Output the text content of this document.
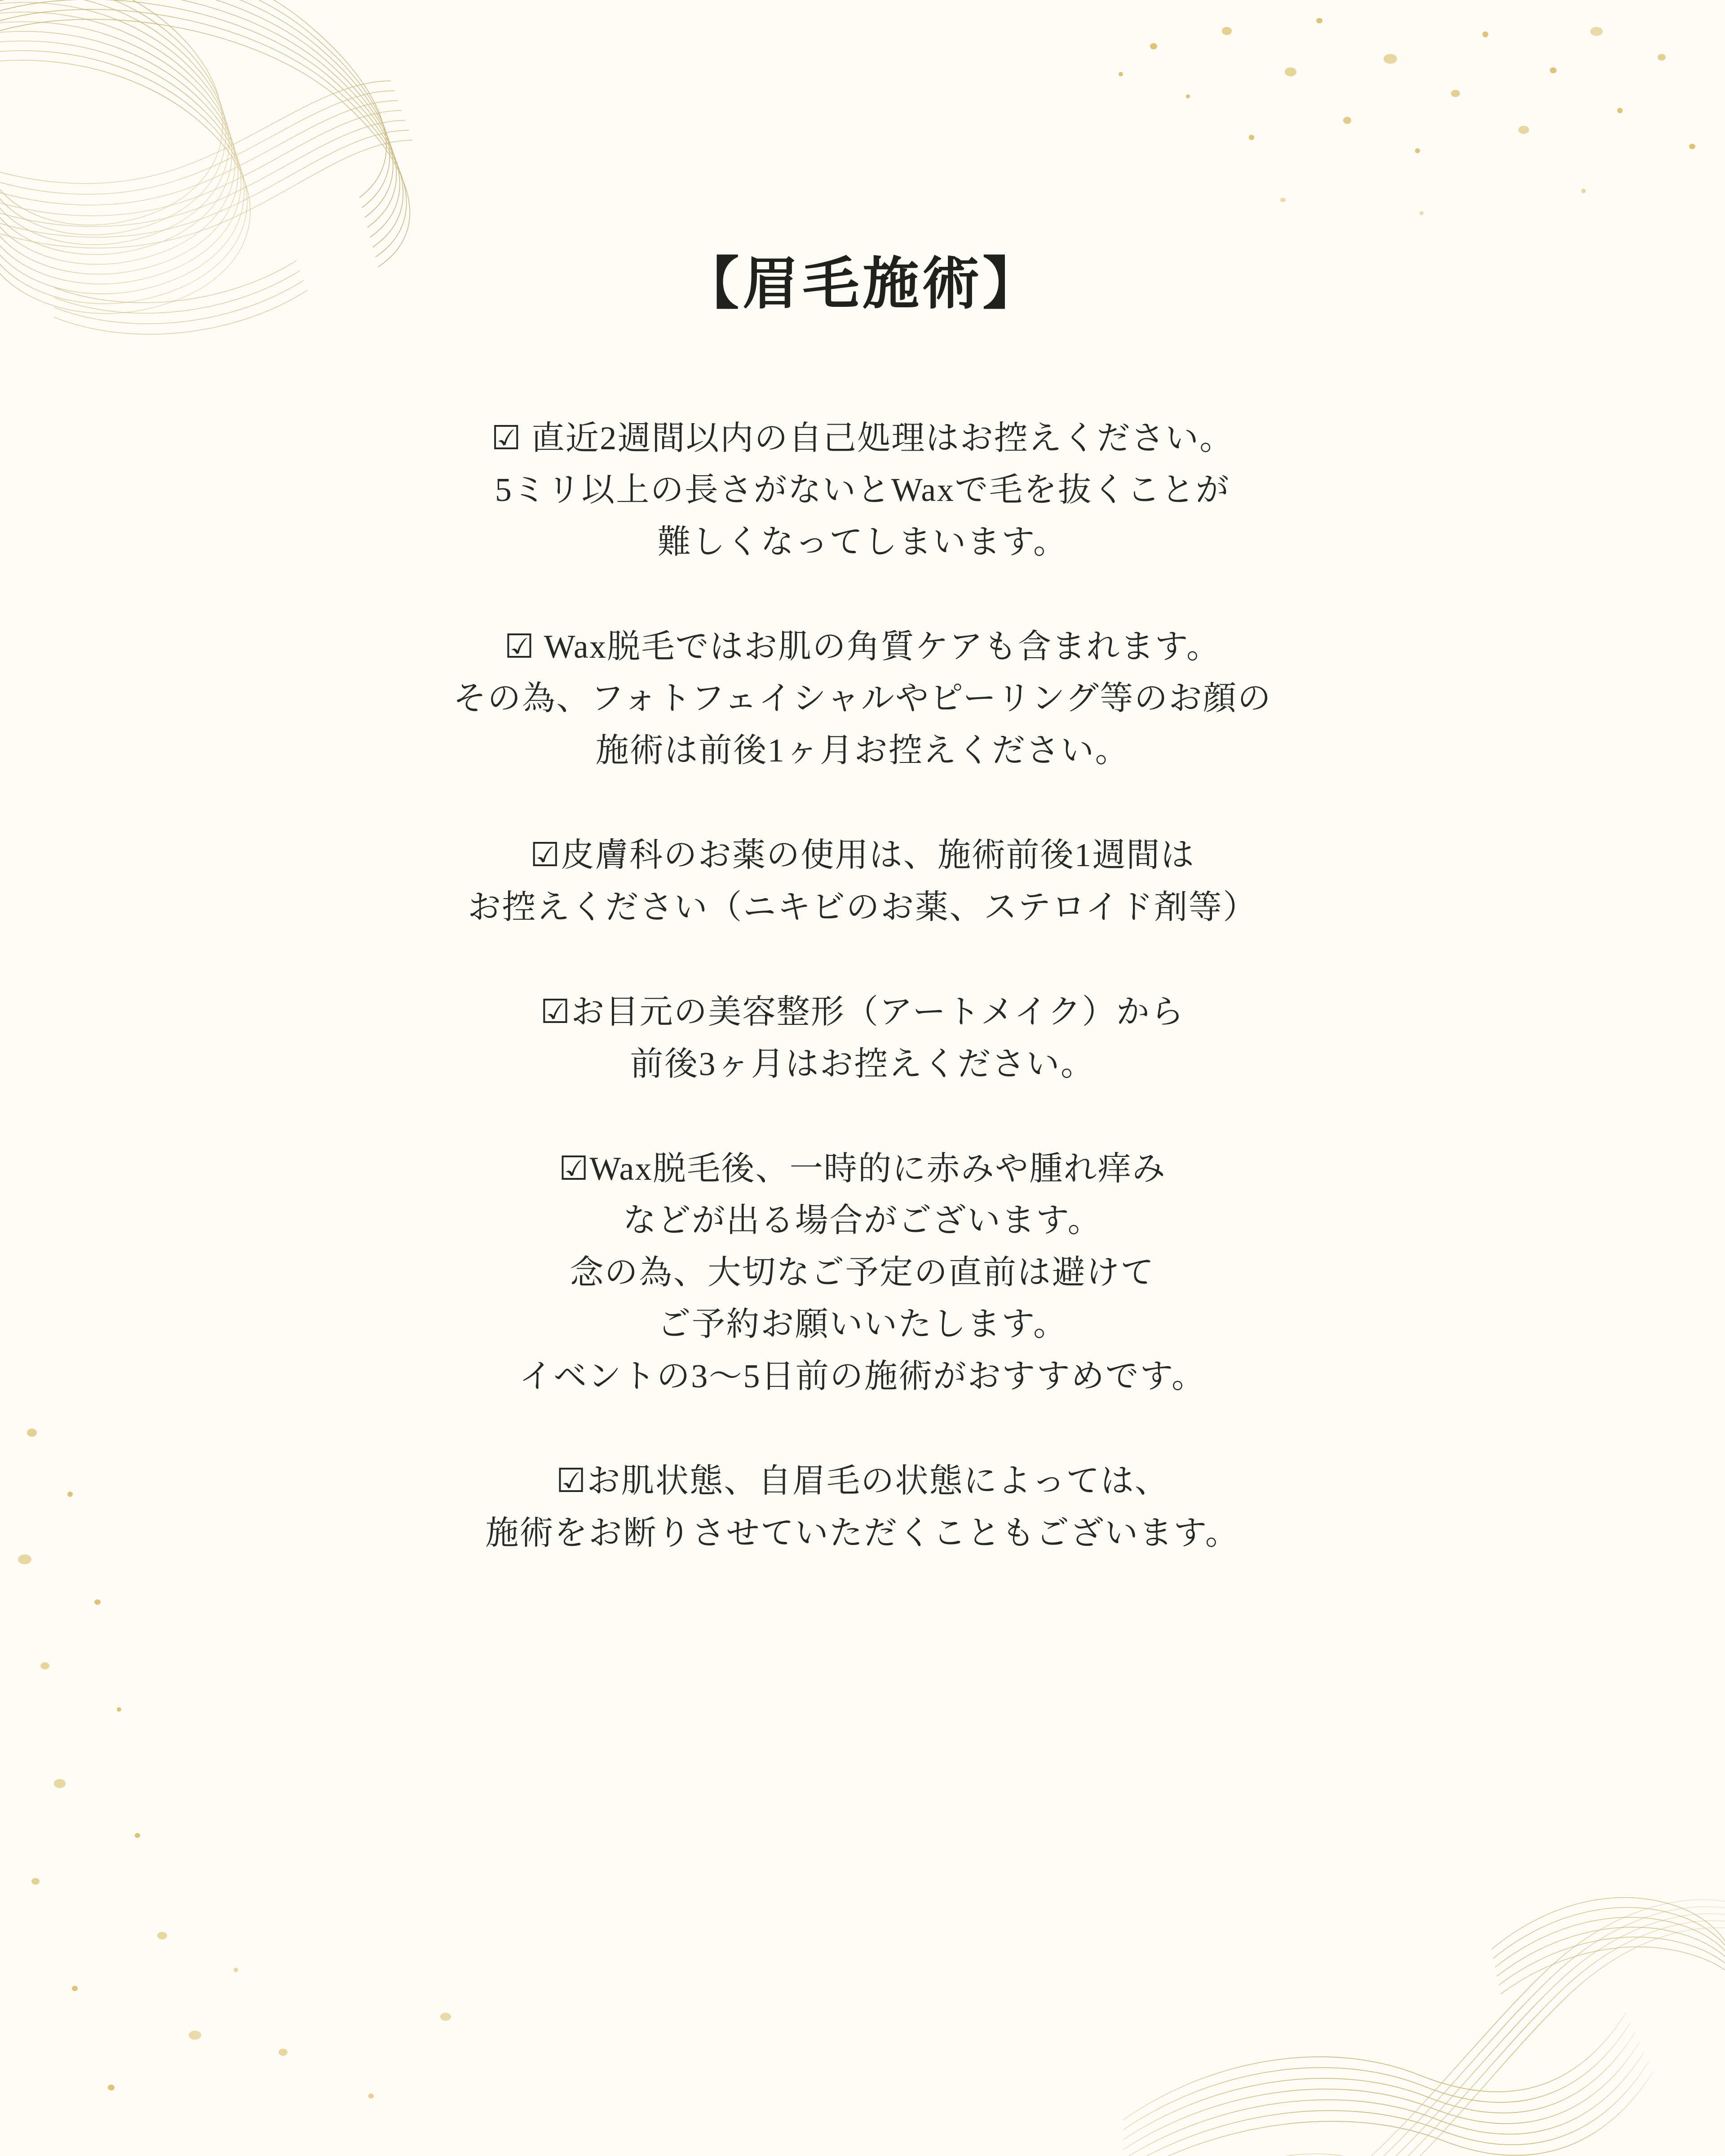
【眉毛施術】
☑ 直近2週間以内の自己処理はお控えください。
5ミリ以上の長さがないとWaxで毛を抜くことが
難しくなってしまいます。
☑ Wax脱毛ではお肌の角質ケアも含まれます。
その為、フォトフェイシャルやピーリング等のお顔の
施術は前後1ヶ月お控えください。
☑皮膚科のお薬の使用は、施術前後1週間は
お控えください（ニキビのお薬、ステロイド剤等）
☑お目元の美容整形（アートメイク）から
前後3ヶ月はお控えください。
☑Wax脱毛後、一時的に赤みや腫れ痒み
などが出る場合がございます。
念の為、大切なご予定の直前は避けて
ご予約お願いいたします。
イベントの3〜5日前の施術がおすすめです。
☑お肌状態、自眉毛の状態によっては、
施術をお断りさせていただくこともございます。
